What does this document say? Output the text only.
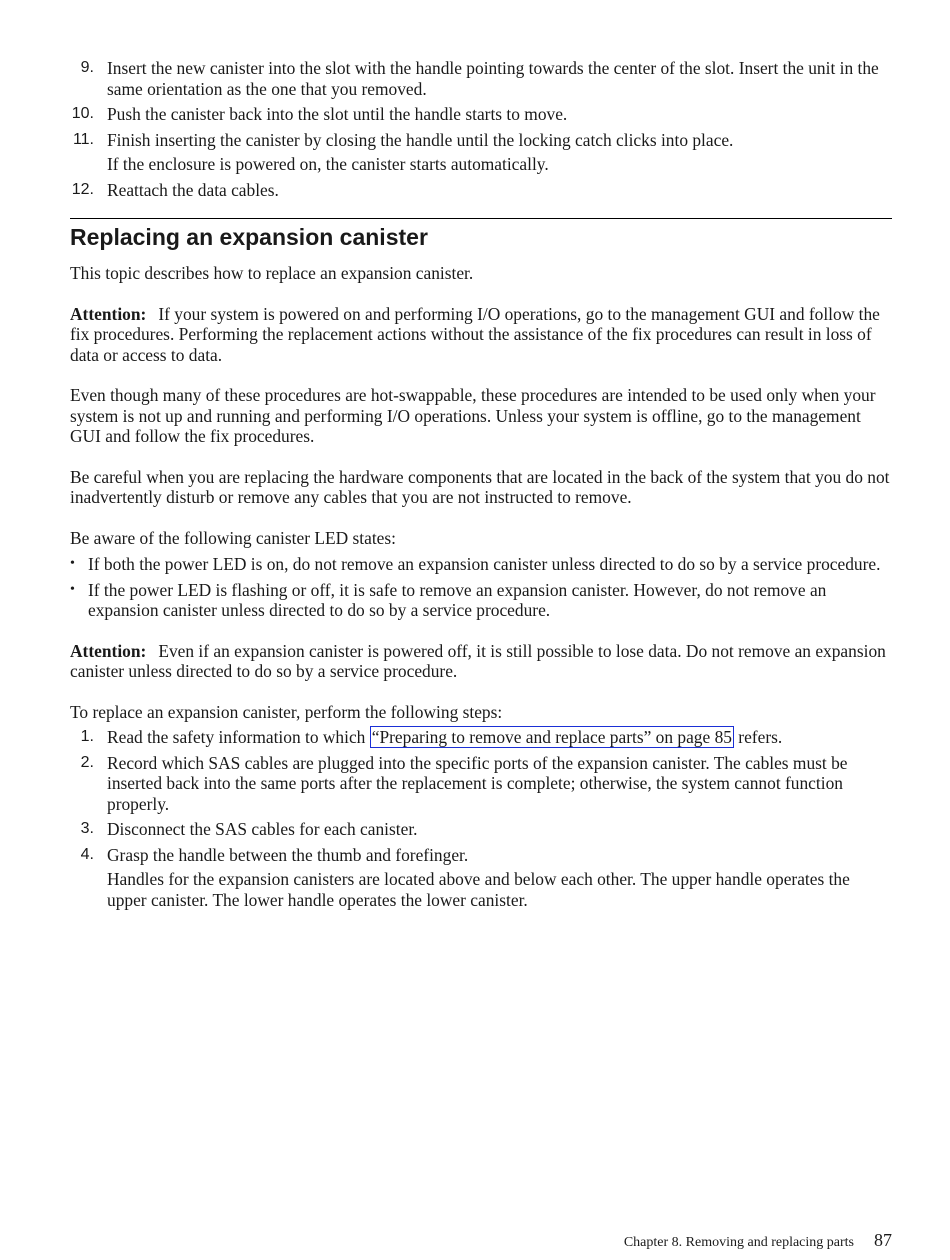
9. Insert the new canister into the slot with the handle pointing towards the center of the slot. Insert the unit in the same orientation as the one that you removed.
10. Push the canister back into the slot until the handle starts to move.
11. Finish inserting the canister by closing the handle until the locking catch clicks into place.
If the enclosure is powered on, the canister starts automatically.
12. Reattach the data cables.
Replacing an expansion canister

This topic describes how to replace an expansion canister.

Attention: If your system is powered on and performing I/O operations, go to the management GUI and follow the fix procedures. Performing the replacement actions without the assistance of the fix procedures can result in loss of data or access to data.

Even though many of these procedures are hot-swappable, these procedures are intended to be used only when your system is not up and running and performing I/O operations. Unless your system is offline, go to the management GUI and follow the fix procedures.

Be careful when you are replacing the hardware components that are located in the back of the system that you do not inadvertently disturb or remove any cables that you are not instructed to remove.

Be aware of the following canister LED states:

• If both the power LED is on, do not remove an expansion canister unless directed to do so by a service procedure.
• If the power LED is flashing or off, it is safe to remove an expansion canister. However, do not remove an expansion canister unless directed to do so by a service procedure.

Attention: Even if an expansion canister is powered off, it is still possible to lose data. Do not remove an expansion canister unless directed to do so by a service procedure.

To replace an expansion canister, perform the following steps:

1. Read the safety information to which “Preparing to remove and replace parts” on page 85 refers.
2. Record which SAS cables are plugged into the specific ports of the expansion canister. The cables must be inserted back into the same ports after the replacement is complete; otherwise, the system cannot function properly.
3. Disconnect the SAS cables for each canister.
4. Grasp the handle between the thumb and forefinger.
Handles for the expansion canisters are located above and below each other. The upper handle operates the upper canister. The lower handle operates the lower canister.
Chapter 8. Removing and replacing parts 87
